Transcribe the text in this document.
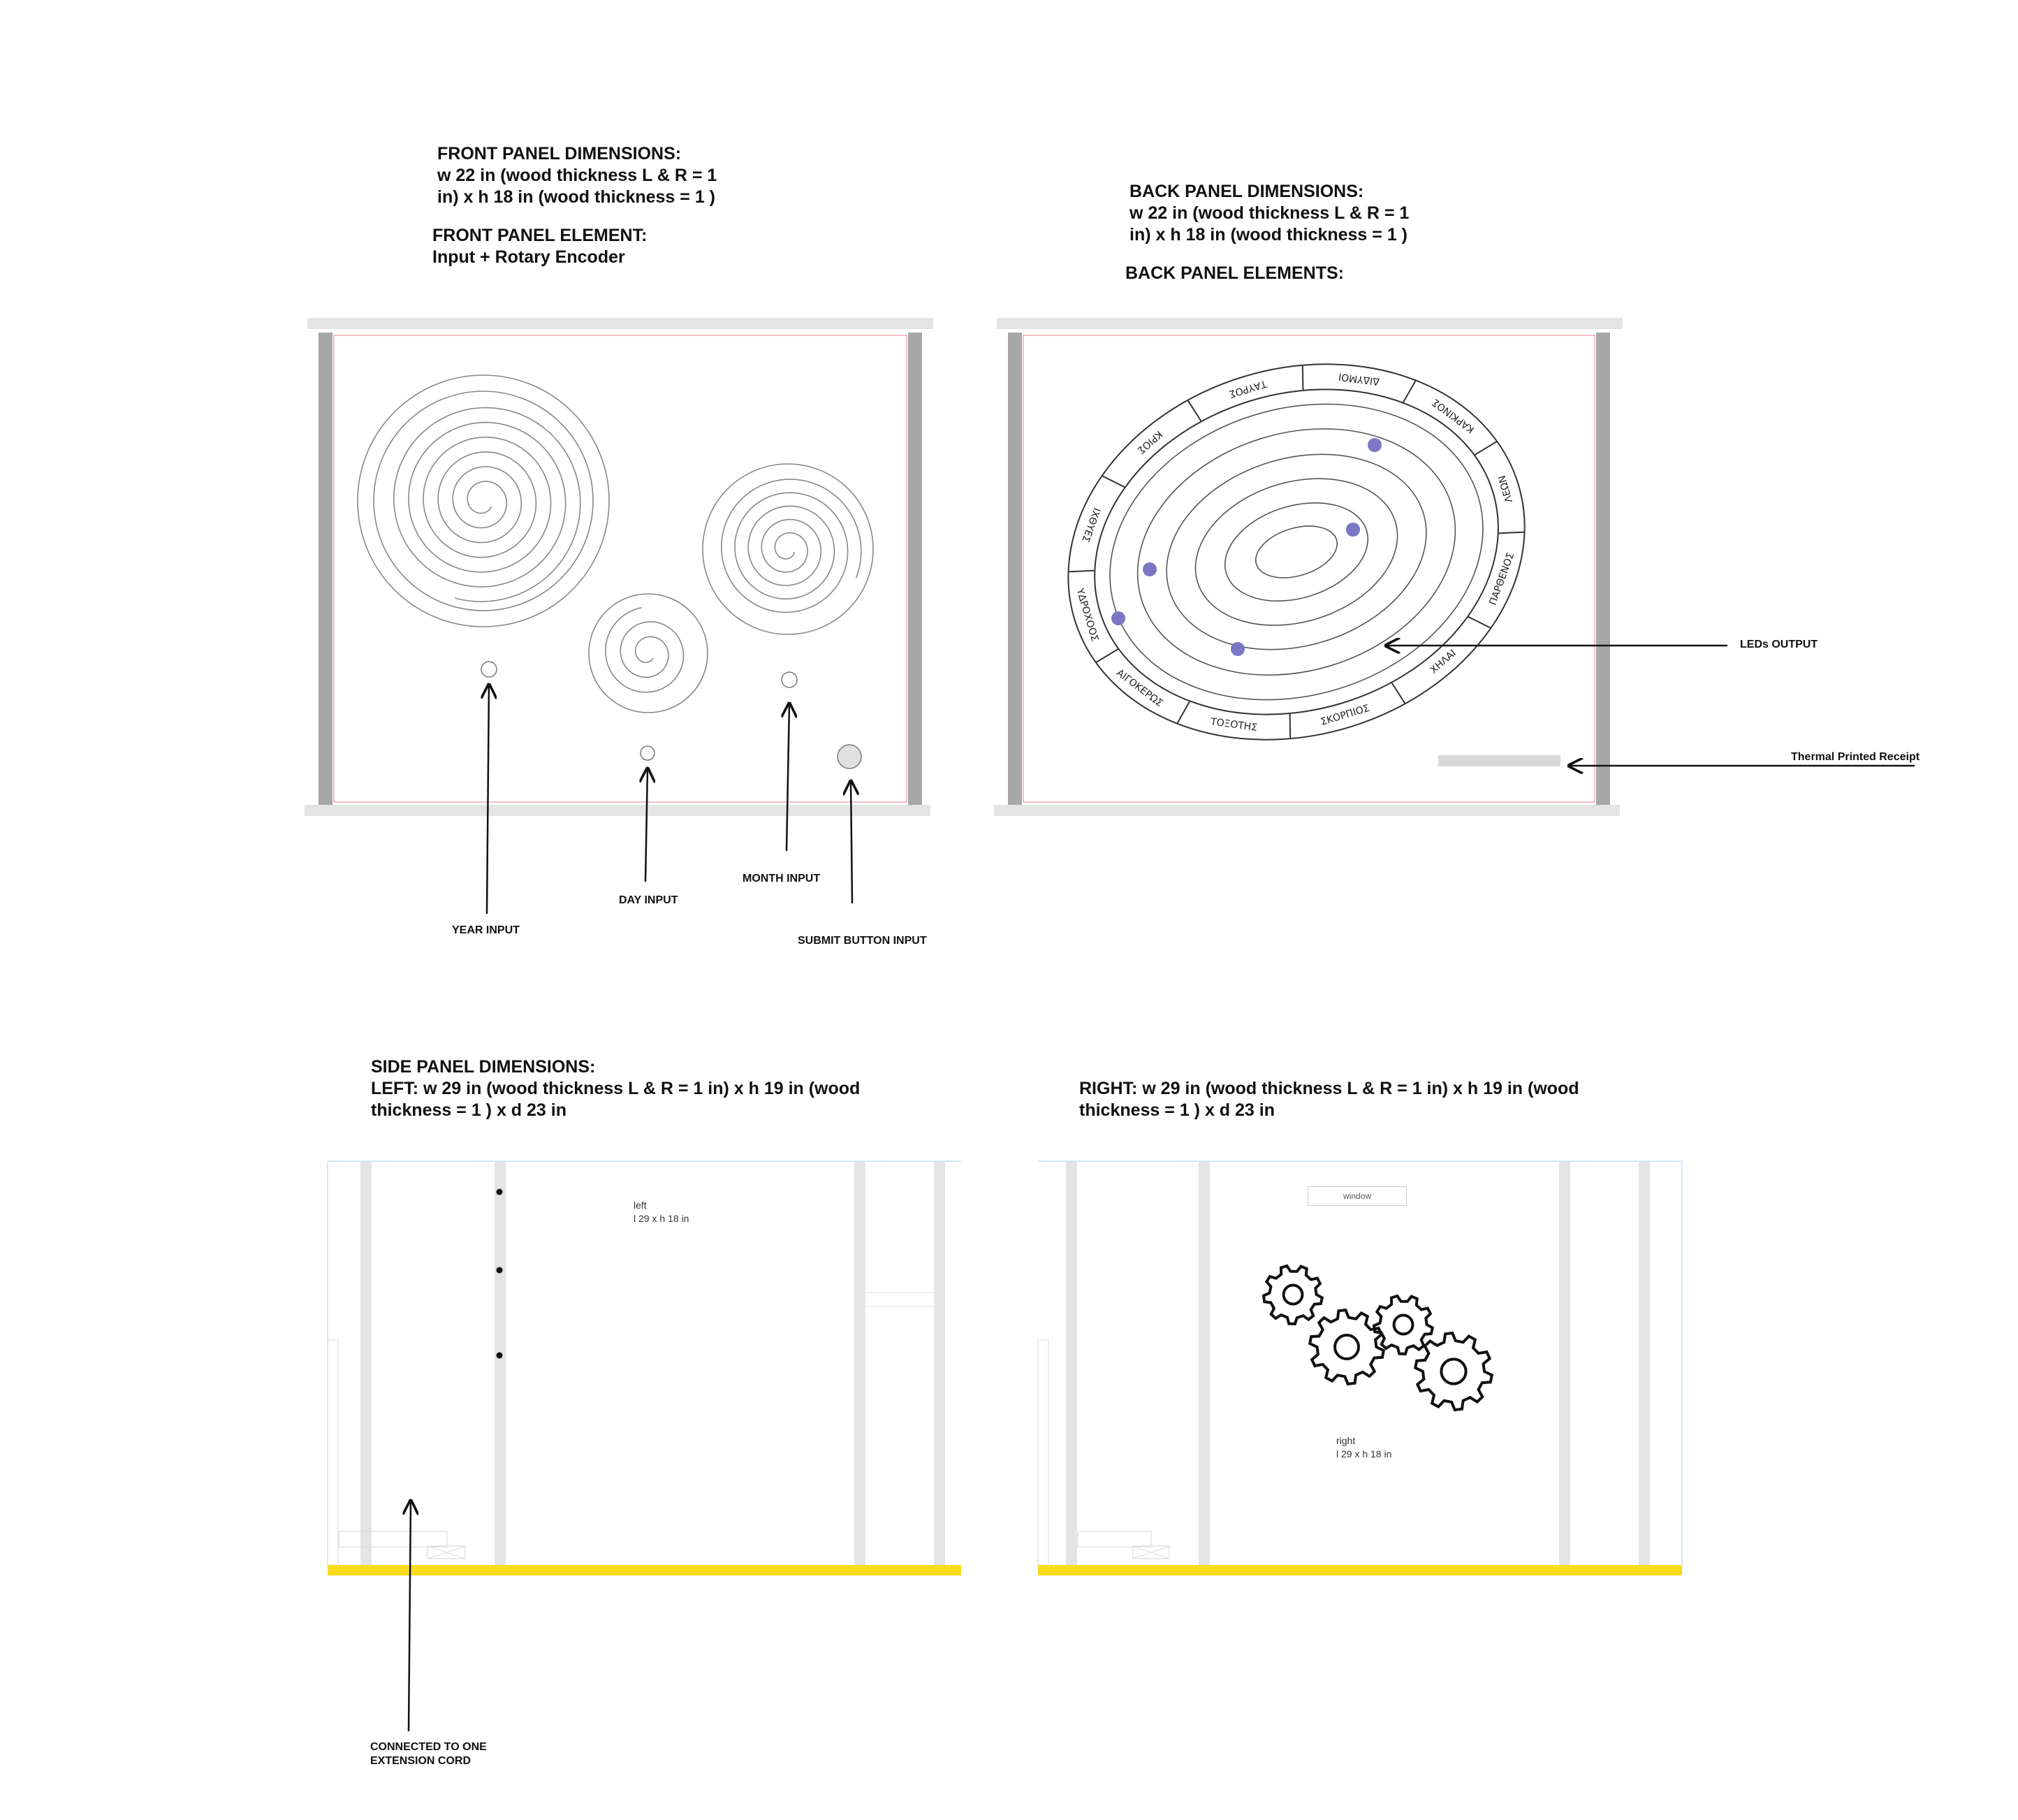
ΚΡΙΟΣ
ΤΑΥΡΟΣ	ΔΙΔΥΜΟΙ
ΚΑΡΚΙΝΟΣ
ΛΕΩΝ
ΠΑΡΘΕΝΟΣ
ΧΗΛΑΙ
ΣΚΟΡΠΙΟΣ
ΤΟΞΟΤΗΣ
ΑΙΓΟΚΕΡΩΣ
ΥΔΡΟΧΟΟΣ
ΙΧΘΥΕΣ

FRONT PANEL DIMENSIONS:
w 22 in (wood thickness L & R = 1
in) x h 18 in (wood thickness = 1 )

FRONT PANEL ELEMENT:
Input + Rotary Encoder

YEAR INPUT

DAY INPUT

MONTH INPUT

SUBMIT BUTTON INPUT

BACK PANEL DIMENSIONS:
w 22 in (wood thickness L & R = 1
in) x h 18 in (wood thickness = 1 )

BACK PANEL ELEMENTS:

LEDs OUTPUT

Thermal Printed Receipt

SIDE PANEL DIMENSIONS:
LEFT: w 29 in (wood thickness L & R = 1 in) x h 19 in (wood
thickness = 1 ) x d 23 in

RIGHT: w 29 in (wood thickness L & R = 1 in) x h 19 in (wood
thickness = 1 ) x d 23 in

left
l 29 x h 18 in

right
l 29 x h 18 in

window

CONNECTED TO ONE
EXTENSION CORD
